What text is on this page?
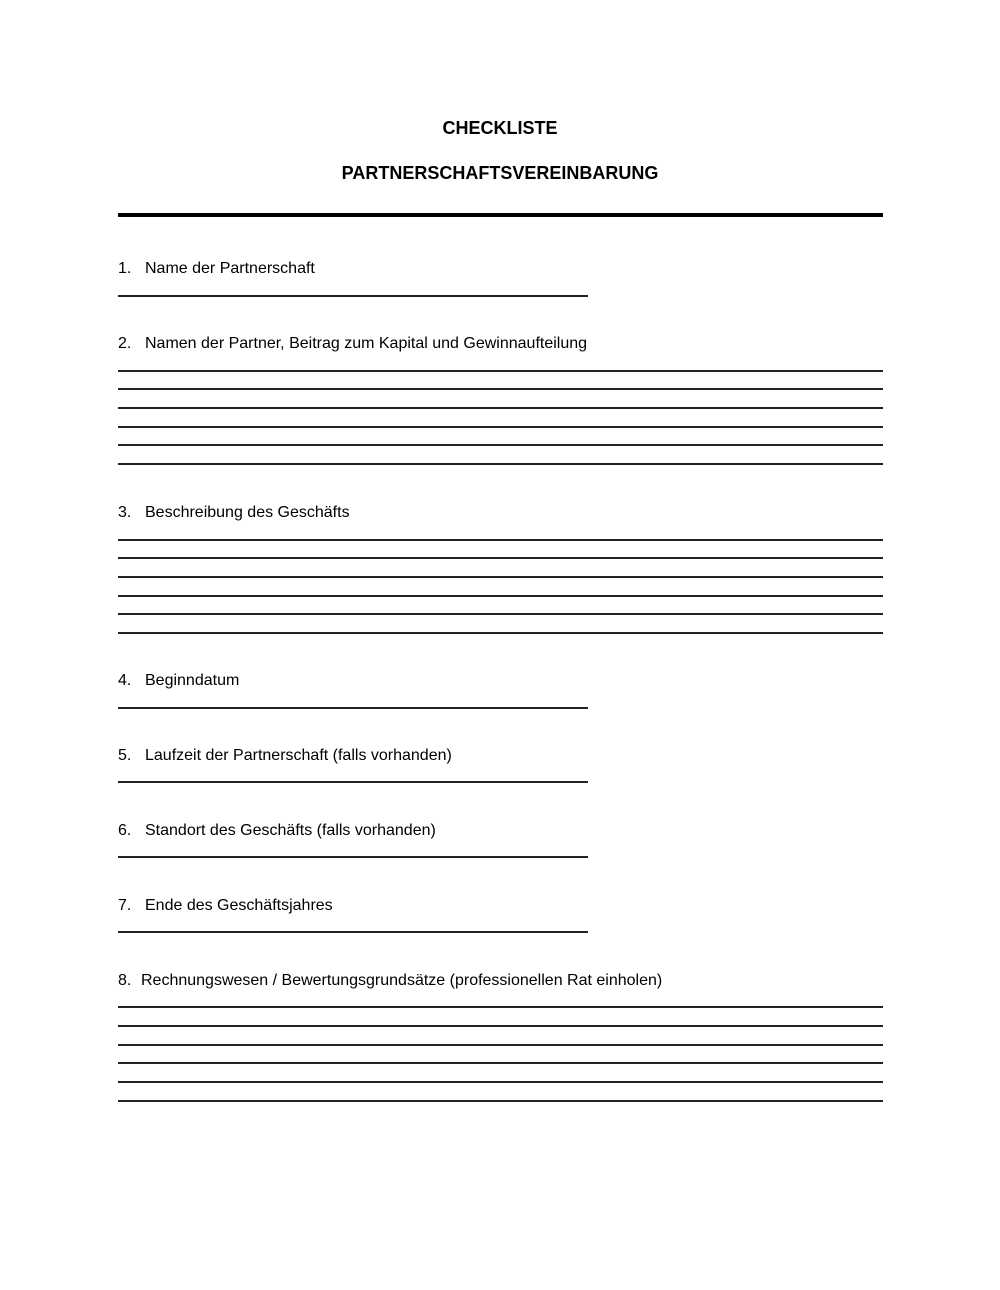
CHECKLISTE
PARTNERSCHAFTSVEREINBARUNG
1. Name der Partnerschaft
2. Namen der Partner, Beitrag zum Kapital und Gewinnaufteilung
3. Beschreibung des Geschäfts
4. Beginndatum
5. Laufzeit der Partnerschaft (falls vorhanden)
6. Standort des Geschäfts (falls vorhanden)
7. Ende des Geschäftsjahres
8. Rechnungswesen / Bewertungsgrundsätze (professionellen Rat einholen)
